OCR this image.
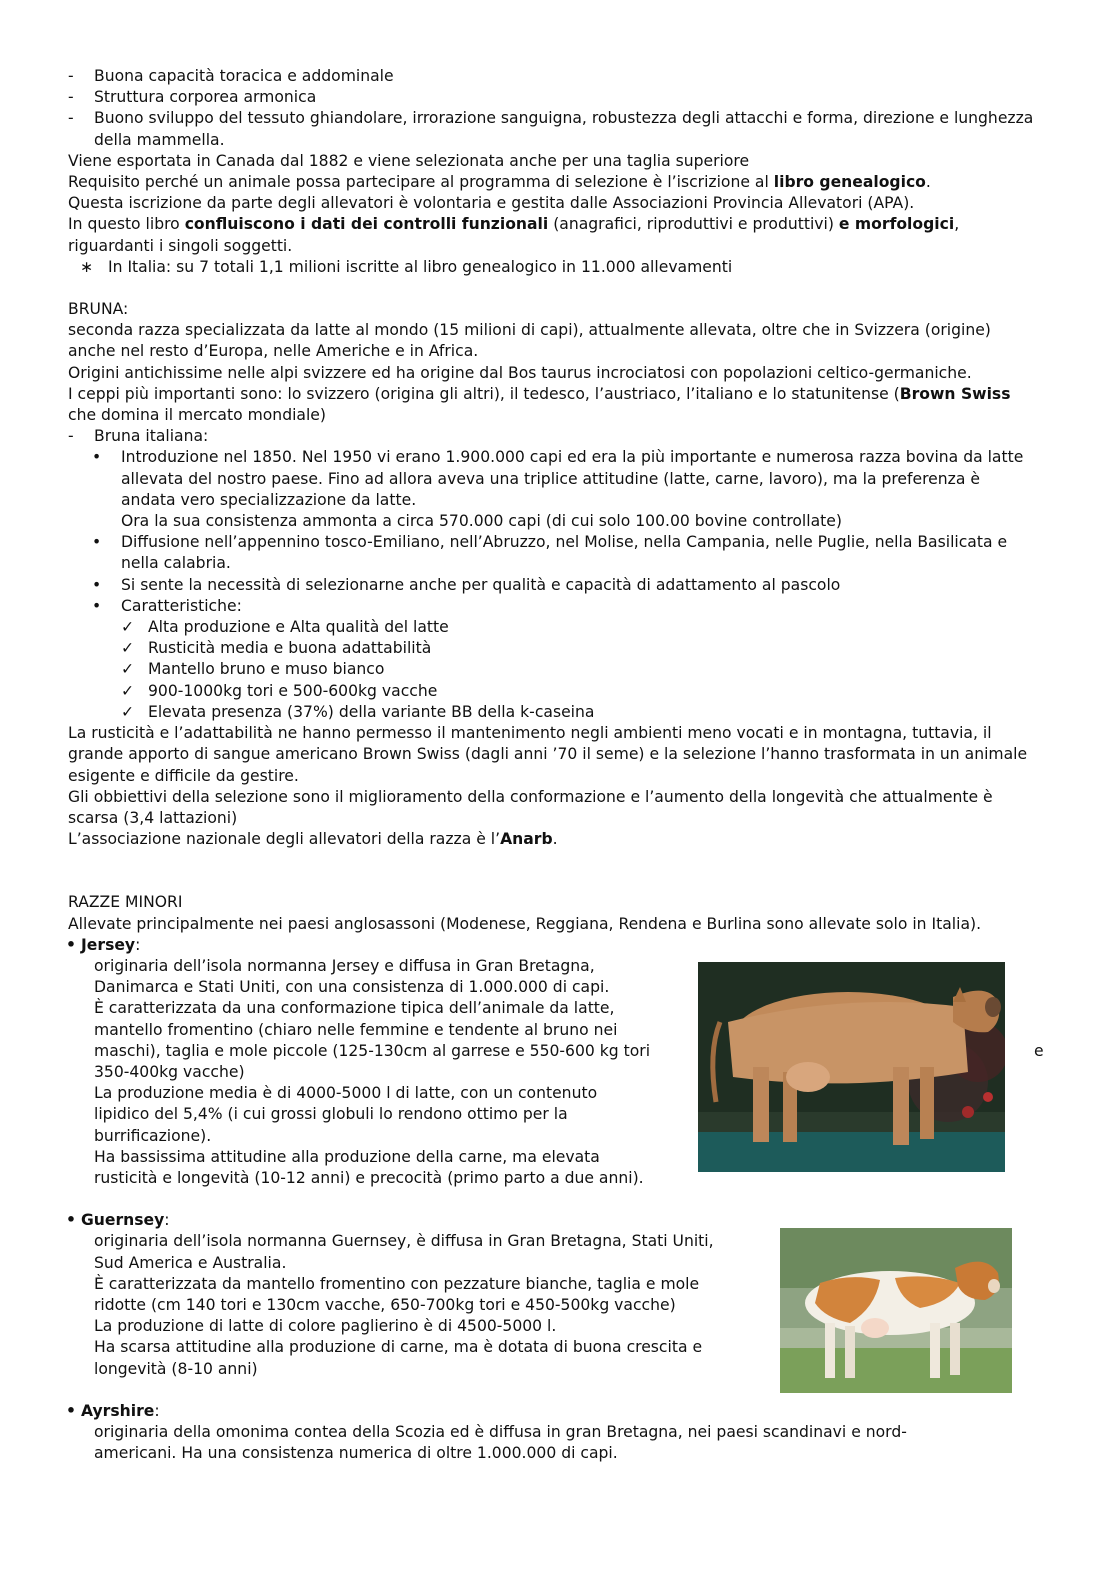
- Buona capacità toracica e addominale
- Struttura corporea armonica
- Buono sviluppo del tessuto ghiandolare, irrorazione sanguigna, robustezza degli attacchi e forma, direzione e lunghezza della mammella.
Viene esportata in Canada dal 1882 e viene selezionata anche per una taglia superiore
Requisito perché un animale possa partecipare al programma di selezione è l’iscrizione al libro genealogico.
Questa iscrizione da parte degli allevatori è volontaria e gestita dalle Associazioni Provincia Allevatori (APA).
In questo libro confluiscono i dati dei controlli funzionali (anagrafici, riproduttivi e produttivi) e morfologici, riguardanti i singoli soggetti.
∗ In Italia: su 7 totali 1,1 milioni iscritte al libro genealogico in 11.000 allevamenti
BRUNA:
seconda razza specializzata da latte al mondo (15 milioni di capi), attualmente allevata, oltre che in Svizzera (origine) anche nel resto d’Europa, nelle Americhe e in Africa.
Origini antichissime nelle alpi svizzere ed ha origine dal Bos taurus incrociatosi con popolazioni celtico-germaniche.
I ceppi più importanti sono: lo svizzero (origina gli altri), il tedesco, l’austriaco, l’italiano e lo statunitense (Brown Swiss che domina il mercato mondiale)
- Bruna italiana:
• Introduzione nel 1850. Nel 1950 vi erano 1.900.000 capi ed era la più importante e numerosa razza bovina da latte allevata del nostro paese. Fino ad allora aveva una triplice attitudine (latte, carne, lavoro), ma la preferenza è andata vero specializzazione da latte.
Ora la sua consistenza ammonta a circa 570.000 capi (di cui solo 100.00 bovine controllate)
• Diffusione nell’appennino tosco-Emiliano, nell’Abruzzo, nel Molise, nella Campania, nelle Puglie, nella Basilicata e nella calabria.
• Si sente la necessità di selezionarne anche per qualità e capacità di adattamento al pascolo
• Caratteristiche:
✓ Alta produzione e Alta qualità del latte
✓ Rusticità media e buona adattabilità
✓ Mantello bruno e muso bianco
✓ 900-1000kg tori e 500-600kg vacche
✓ Elevata presenza (37%) della variante BB della k-caseina
La rusticità e l’adattabilità ne hanno permesso il mantenimento negli ambienti meno vocati e in montagna, tuttavia, il grande apporto di sangue americano Brown Swiss (dagli anni ’70 il seme) e la selezione l’hanno trasformata in un animale esigente e difficile da gestire.
Gli obbiettivi della selezione sono il miglioramento della conformazione e l’aumento della longevità che attualmente è scarsa (3,4 lattazioni)
L’associazione nazionale degli allevatori della razza è l’Anarb.
RAZZE MINORI
Allevate principalmente nei paesi anglosassoni (Modenese, Reggiana, Rendena e Burlina sono allevate solo in Italia).
• Jersey:
originaria dell’isola normanna Jersey e diffusa in Gran Bretagna,
Danimarca e Stati Uniti, con una consistenza di 1.000.000 di capi.
È caratterizzata da una conformazione tipica dell’animale da latte,
mantello fromentino (chiaro nelle femmine e tendente al bruno nei
maschi), taglia e mole piccole (125-130cm al garrese e 550-600 kg tori	e
350-400kg vacche)
La produzione media è di 4000-5000 l di latte, con un contenuto
lipidico del 5,4% (i cui grossi globuli lo rendono ottimo per la
burrificazione).
Ha bassissima attitudine alla produzione della carne, ma elevata
rusticità e longevità (10-12 anni) e precocità (primo parto a due anni).
• Guernsey:
originaria dell’isola normanna Guernsey, è diffusa in Gran Bretagna, Stati Uniti,
Sud America e Australia.
È caratterizzata da mantello fromentino con pezzature bianche, taglia e mole
ridotte (cm 140 tori e 130cm vacche, 650-700kg tori e 450-500kg vacche)
La produzione di latte di colore paglierino è di 4500-5000 l.
Ha scarsa attitudine alla produzione di carne, ma è dotata di buona crescita e
longevità (8-10 anni)
• Ayrshire:
originaria della omonima contea della Scozia ed è diffusa in gran Bretagna, nei paesi scandinavi e nord-
americani. Ha una consistenza numerica di oltre 1.000.000 di capi.
